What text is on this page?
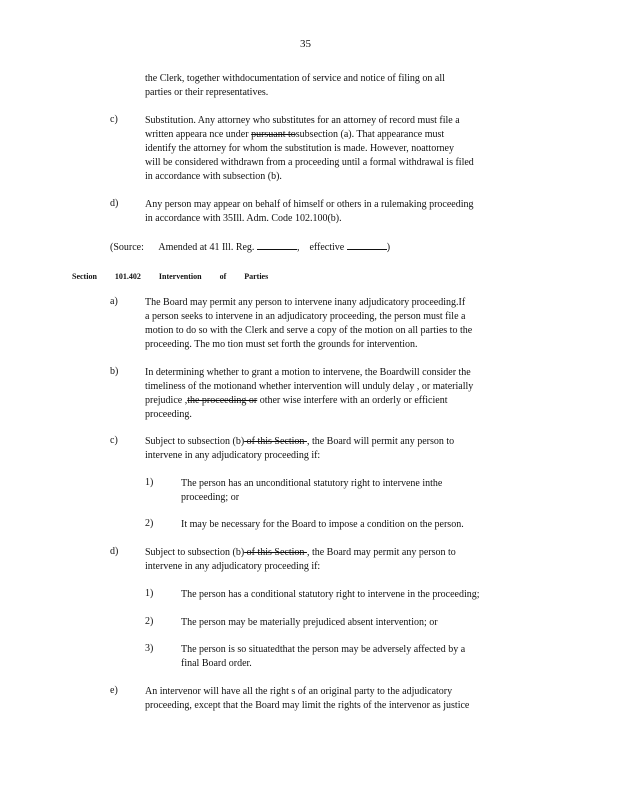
35
the Clerk, together withdocumentation of service and notice of filing on all
parties or their representatives.
c)	Substitution. Any attorney who substitutes for an attorney of record must file a
written appeara nce under pursuant tosubsection (a). That appearance must
identify the attorney for whom the substitution is made. However, noattorney
will be considered withdrawn from a proceeding until a formal withdrawal is filed
in accordance with subsection (b).
d)	Any person may appear on behalf of himself or others in a rulemaking proceeding
in accordance with 35Ill. Adm. Code 102.100(b).
(Source: Amended at 41 Ill. Reg.	, effective	)
Section 101.402 Intervention of Parties
a)	The Board may permit any person to intervene inany adjudicatory proceeding.If
a person seeks to intervene in an adjudicatory proceeding, the person must file a
motion to do so with the Clerk and serve a copy of the motion on all parties to the
proceeding. The mo tion must set forth the grounds for intervention.
b)	In determining whether to grant a motion to intervene, the Boardwill consider the
timeliness of the motionand whether intervention will unduly delay , or materially
prejudice ,the proceeding or other wise interfere with an orderly or efficient
proceeding.
c)	Subject to subsection (b) of this Section , the Board will permit any person to
intervene in any adjudicatory proceeding if:
1)	The person has an unconditional statutory right to intervene inthe
proceeding; or
2)	It may be necessary for the Board to impose a condition on the person.
d)	Subject to subsection (b) of this Section , the Board may permit any person to
intervene in any adjudicatory proceeding if:
1)	The person has a conditional statutory right to intervene in the proceeding;
2)	The person may be materially prejudiced absent intervention; or
3)	The person is so situatedthat the person may be adversely affected by a
final Board order.
e)	An intervenor will have all the right s of an original party to the adjudicatory
proceeding, except that the Board may limit the rights of the intervenor as justice
